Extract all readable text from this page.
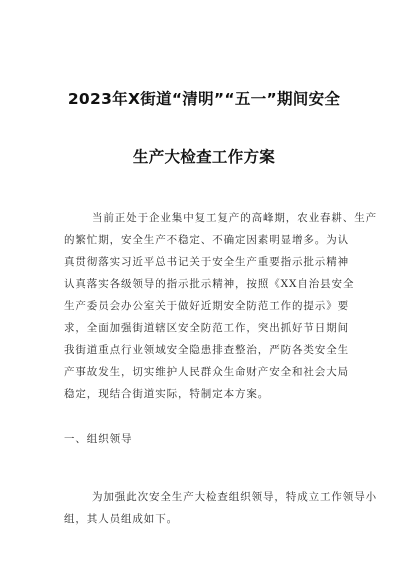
2023年X街道“清明”“五一”期间安全
生产大检查工作方案
当前正处于企业集中复工复产的高峰期，农业春耕、生产
的繁忙期，安全生产不稳定、不确定因素明显增多。为认
真贯彻落实习近平总书记关于安全生产重要指示批示精神
认真落实各级领导的指示批示精神，按照《XX自治县安全
生产委员会办公室关于做好近期安全防范工作的提示》要
求，全面加强街道辖区安全防范工作，突出抓好节日期间
我街道重点行业领域安全隐患排查整治，严防各类安全生
产事故发生，切实维护人民群众生命财产安全和社会大局
稳定，现结合街道实际，特制定本方案。
一、组织领导
为加强此次安全生产大检查组织领导，特成立工作领导小
组，其人员组成如下。
